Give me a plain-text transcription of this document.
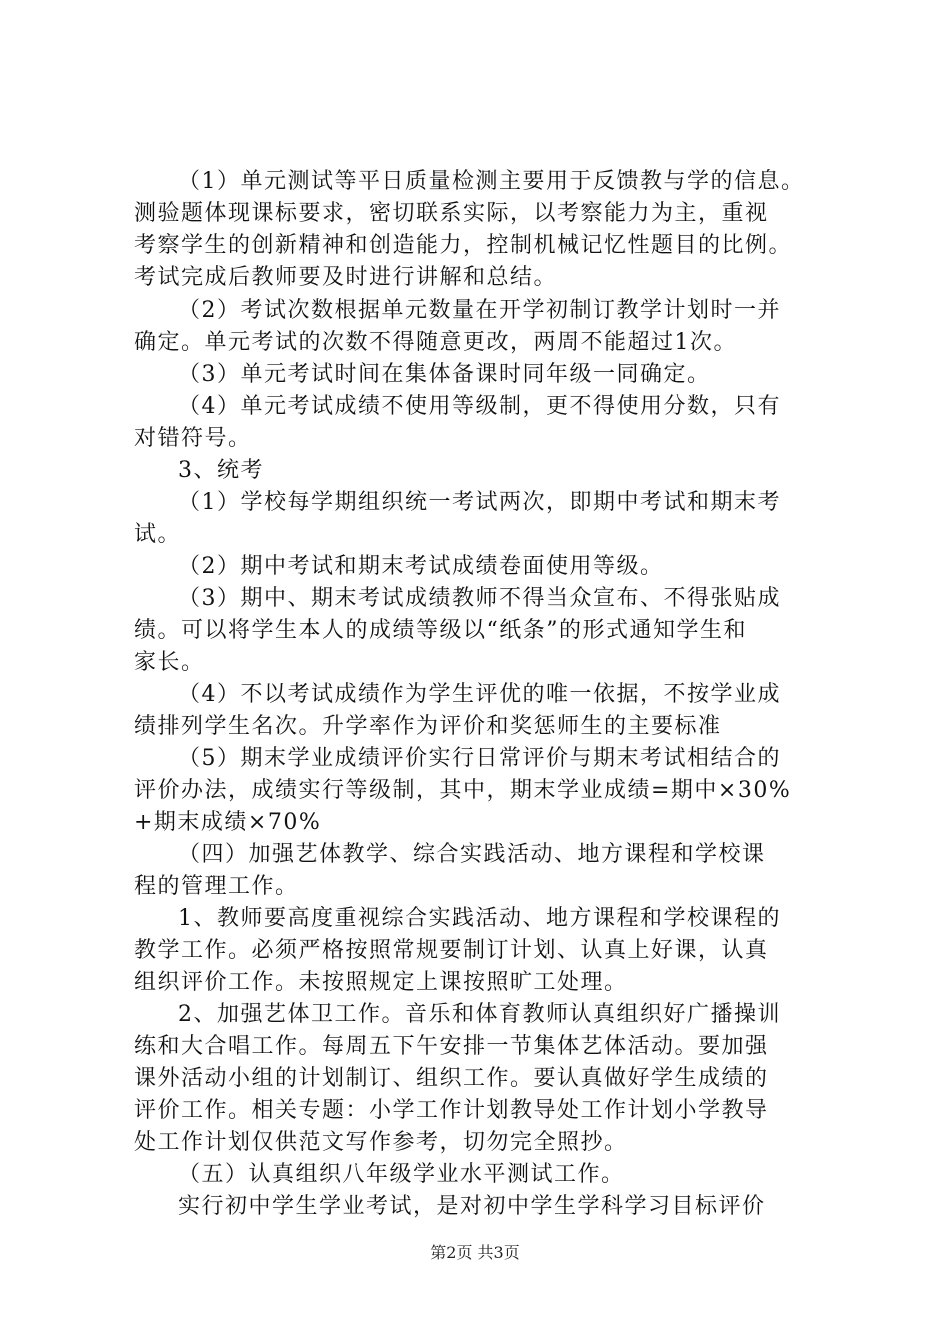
（1）单元测试等平日质量检测主要用于反馈教与学的信息。
测验题体现课标要求，密切联系实际，以考察能力为主，重视
考察学生的创新精神和创造能力，控制机械记忆性题目的比例。
考试完成后教师要及时进行讲解和总结。
（2）考试次数根据单元数量在开学初制订教学计划时一并
确定。单元考试的次数不得随意更改，两周不能超过1次。
（3）单元考试时间在集体备课时同年级一同确定。
（4）单元考试成绩不使用等级制，更不得使用分数，只有
对错符号。
3、统考
（1）学校每学期组织统一考试两次，即期中考试和期末考
试。
（2）期中考试和期末考试成绩卷面使用等级。
（3）期中、期末考试成绩教师不得当众宣布、不得张贴成
绩。可以将学生本人的成绩等级以“纸条”的形式通知学生和
家长。
（4）不以考试成绩作为学生评优的唯一依据，不按学业成
绩排列学生名次。升学率作为评价和奖惩师生的主要标准
（5）期末学业成绩评价实行日常评价与期末考试相结合的
评价办法，成绩实行等级制，其中，期末学业成绩=期中×30%
+期末成绩×70%
（四）加强艺体教学、综合实践活动、地方课程和学校课
程的管理工作。
1、教师要高度重视综合实践活动、地方课程和学校课程的
教学工作。必须严格按照常规要制订计划、认真上好课，认真
组织评价工作。未按照规定上课按照旷工处理。
2、加强艺体卫工作。音乐和体育教师认真组织好广播操训
练和大合唱工作。每周五下午安排一节集体艺体活动。要加强
课外活动小组的计划制订、组织工作。要认真做好学生成绩的
评价工作。相关专题：小学工作计划教导处工作计划小学教导
处工作计划仅供范文写作参考，切勿完全照抄。
（五）认真组织八年级学业水平测试工作。
实行初中学生学业考试，是对初中学生学科学习目标评价
第2页 共3页
